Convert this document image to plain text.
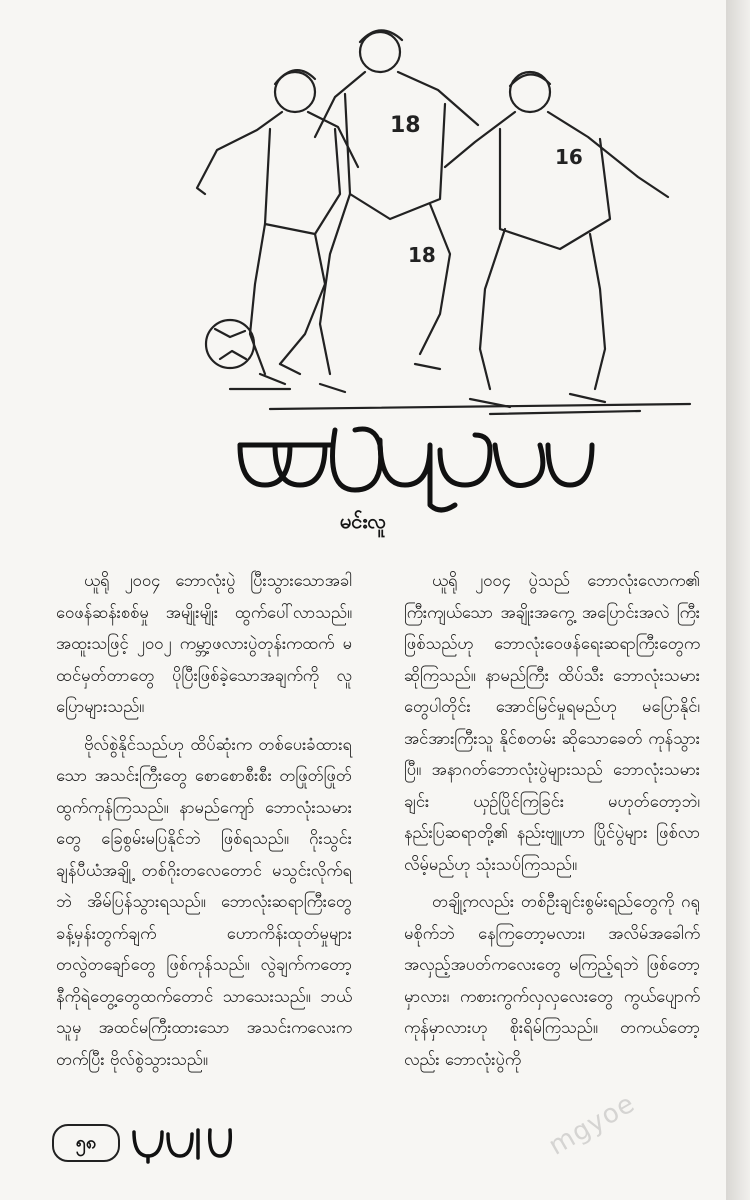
18
18
16
မင်းလူ

ယူရို ၂၀၀၄ ဘောလုံးပွဲ ပြီးသွားသောအခါ ဝေဖန်ဆန်းစစ်မှု အမျိုးမျိုး ထွက်ပေါ်လာသည်။ အထူးသဖြင့် ၂၀၀၂ ကမ္ဘာ့ဖလားပွဲတုန်းကထက် မထင်မှတ်တာတွေ ပိုပြီးဖြစ်ခဲ့သောအချက်ကို လူပြောများသည်။

ဗိုလ်စွဲနိုင်သည်ဟု ထိပ်ဆုံးက တစ်ပေးခံထားရသော အသင်းကြီးတွေ စောစောစီးစီး တဖြုတ်ဖြုတ် ထွက်ကုန်ကြသည်။ နာမည်ကျော် ဘောလုံးသမားတွေ ခြေစွမ်းမပြနိုင်ဘဲ ဖြစ်ရသည်။ ဂိုးသွင်းချန်ပီယံအချို့ တစ်ဂိုးတလေတောင် မသွင်းလိုက်ရဘဲ အိမ်ပြန်သွားရသည်။ ဘောလုံးဆရာကြီးတွေ ခန့်မှန်းတွက်ချက် ဟောကိန်းထုတ်မှုများ တလွဲတချော်တွေ ဖြစ်ကုန်သည်။ လွဲချက်ကတော့ နီကိုရဲတွေ့တွေထက်တောင် သာသေးသည်။ ဘယ်သူမှ အထင်မကြီးထားသော အသင်းကလေးက တက်ပြီး ဗိုလ်စွဲသွားသည်။

ယူရို ၂၀၀၄ ပွဲသည် ဘောလုံးလောက၏ ကြီးကျယ်သော အချိုးအကွေ့ အပြောင်းအလဲ ကြီးဖြစ်သည်ဟု ဘောလုံးဝေဖန်ရေးဆရာကြီးတွေက ဆိုကြသည်။ နာမည်ကြီး ထိပ်သီး ဘောလုံးသမားတွေပါတိုင်း အောင်မြင်မှုရမည်ဟု မပြောနိုင်၊ အင်အားကြီးသူ နိုင်စတမ်း ဆိုသောခေတ် ကုန်သွားပြီ။ အနာဂတ်ဘောလုံးပွဲများသည် ဘောလုံးသမားချင်း ယှဉ်ပြိုင်ကြခြင်း မဟုတ်တော့ဘဲ၊ နည်းပြဆရာတို့၏ နည်းဗျူဟာ ပြိုင်ပွဲများ ဖြစ်လာလိမ့်မည်ဟု သုံးသပ်ကြသည်။

တချို့ကလည်း တစ်ဦးချင်းစွမ်းရည်တွေကို ဂရုမစိုက်ဘဲ နေကြတော့မလား၊ အလိမ်အခေါက် အလှည့်အပတ်ကလေးတွေ မကြည့်ရဘဲ ဖြစ်တော့မှာလား၊ ကစားကွက်လှလှလေးတွေ ကွယ်ပျောက်ကုန်မှာလားဟု စိုးရိမ်ကြသည်။ တကယ်တော့လည်း ဘောလုံးပွဲကို

၅၈	mgyoe
